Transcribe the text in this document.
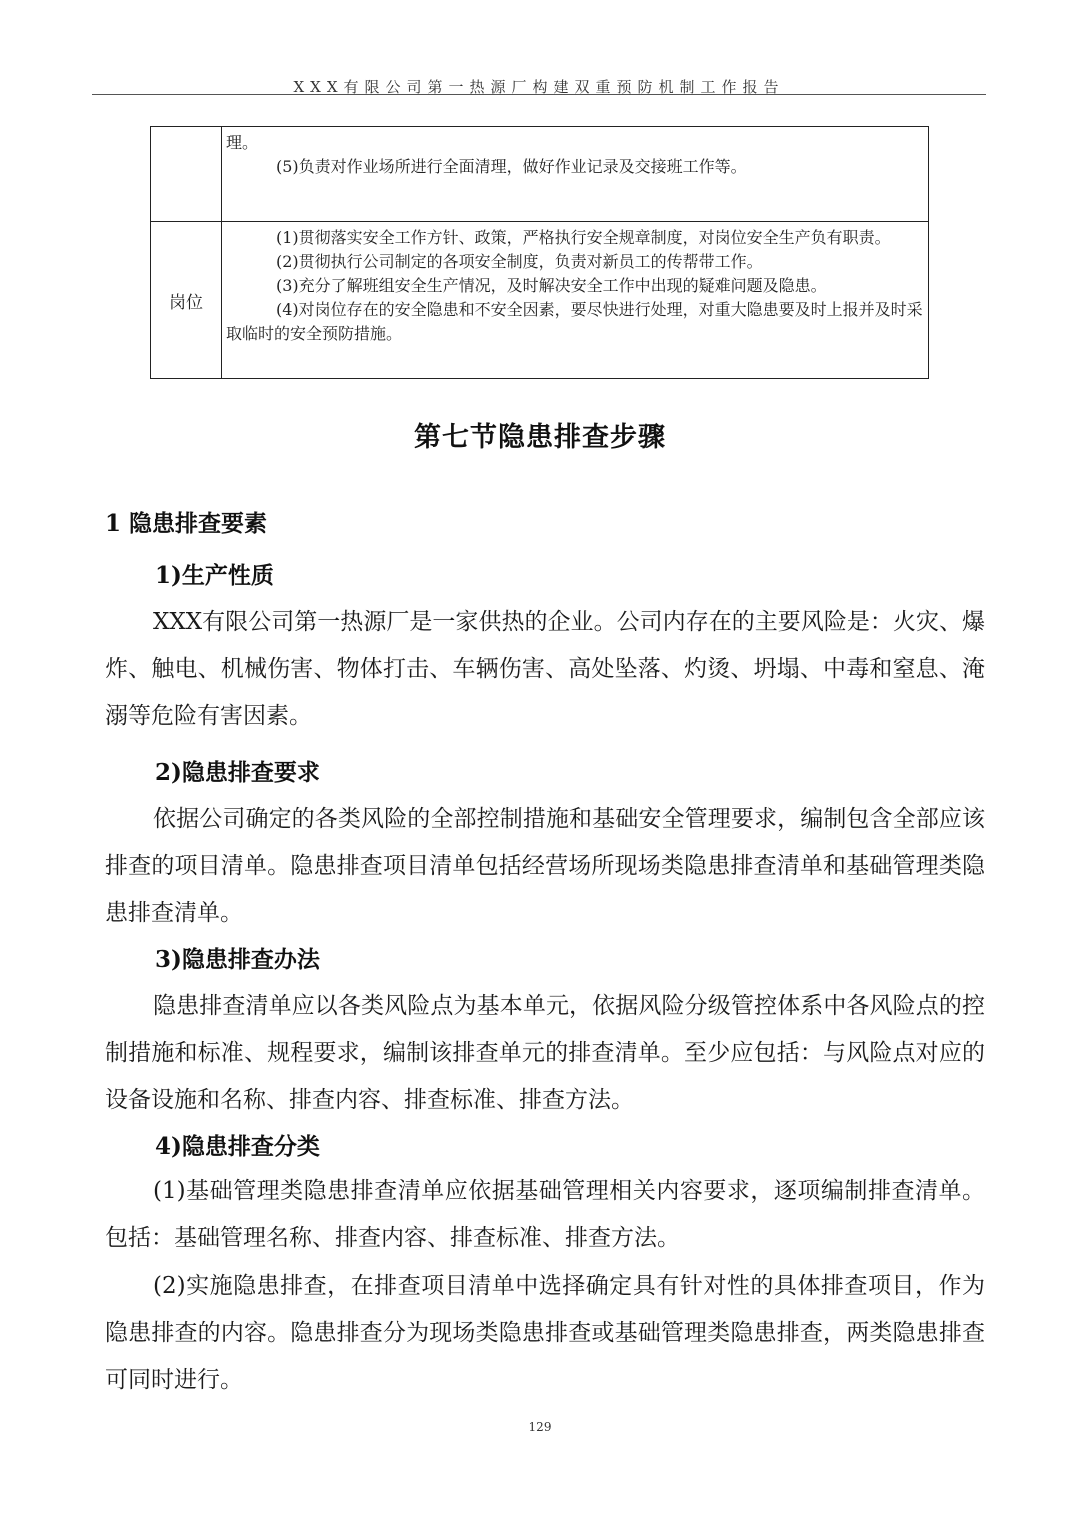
XXX有限公司第一热源厂构建双重预防机制工作报告

	理。
(5)负责对作业场所进行全面清理，做好作业记录及交接班工作等。

岗位	(1)贯彻落实安全工作方针、政策，严格执行安全规章制度，对岗位安全生产负有职责。
(2)贯彻执行公司制定的各项安全制度，负责对新员工的传帮带工作。
(3)充分了解班组安全生产情况，及时解决安全工作中出现的疑难问题及隐患。
(4)对岗位存在的安全隐患和不安全因素，要尽快进行处理，对重大隐患要及时上报并及时采取临时的安全预防措施。
第七节隐患排查步骤
1 隐患排查要素
1)生产性质
XXX有限公司第一热源厂是一家供热的企业。公司内存在的主要风险是：火灾、爆炸、触电、机械伤害、物体打击、车辆伤害、高处坠落、灼烫、坍塌、中毒和窒息、淹溺等危险有害因素。
2)隐患排查要求
依据公司确定的各类风险的全部控制措施和基础安全管理要求，编制包含全部应该排查的项目清单。隐患排查项目清单包括经营场所现场类隐患排查清单和基础管理类隐患排查清单。
3)隐患排查办法
隐患排查清单应以各类风险点为基本单元，依据风险分级管控体系中各风险点的控制措施和标准、规程要求，编制该排查单元的排查清单。至少应包括：与风险点对应的设备设施和名称、排查内容、排查标准、排查方法。
4)隐患排查分类
(1)基础管理类隐患排查清单应依据基础管理相关内容要求，逐项编制排查清单。包括：基础管理名称、排查内容、排查标准、排查方法。
(2)实施隐患排查，在排查项目清单中选择确定具有针对性的具体排查项目，作为隐患排查的内容。隐患排查分为现场类隐患排查或基础管理类隐患排查，两类隐患排查可同时进行。
129
